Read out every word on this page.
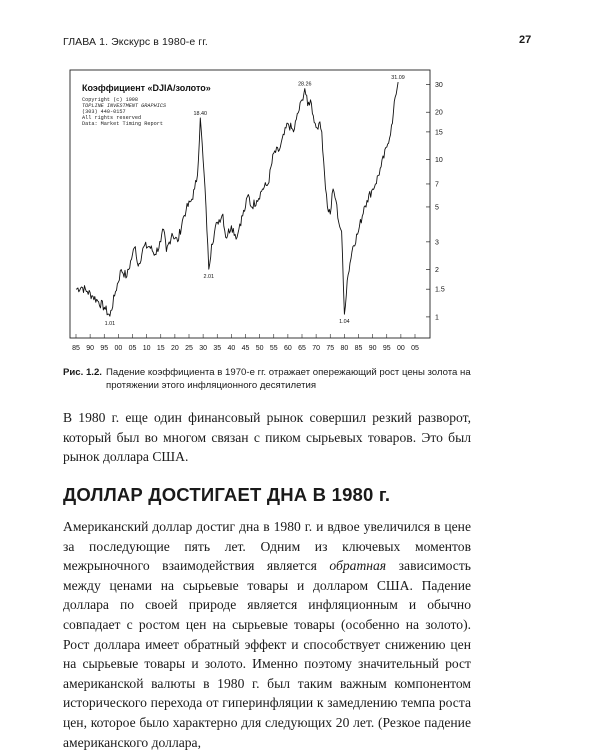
ГЛАВА 1. Экскурс в 1980-е гг.	27
Коэффициент «DJIA/золото»
Copyright (c) 1998
TOPLINE INVESTMENT GRAPHICS
(303) 440-0157
All rights reserved
Data: Market Timing Report
1.01
18.40
2.01
28.26
1.04
31.09
30
20
15
10
7
5
3
2
1.5
1
85 90 95 00 05 10 15 20 25 30 35 40 45 50 55 60 65 70 75 80 85 90 95 00 05
Рис. 1.2. Падение коэффициента в 1970-е гг. отражает опережающий рост цены золота на протяжении этого инфляционного десятилетия
В 1980 г. еще один финансовый рынок совершил резкий разворот, который был во многом связан с пиком сырьевых товаров. Это был рынок доллара США.
ДОЛЛАР ДОСТИГАЕТ ДНА В 1980 г.
Американский доллар достиг дна в 1980 г. и вдвое увеличился в цене за последующие пять лет. Одним из ключевых моментов межрыночного взаимодействия является обратная зависимость между ценами на сырьевые товары и долларом США. Падение доллара по своей природе является инфляционным и обычно совпадает с ростом цен на сырьевые товары (особенно на золото). Рост доллара имеет обратный эффект и способствует снижению цен на сырьевые товары и золото. Именно поэтому значительный рост американской валюты в 1980 г. был таким важным компонентом исторического перехода от гиперинфляции к замедлению темпа роста цен, которое было характерно для следующих 20 лет. (Резкое падение американского доллара,
